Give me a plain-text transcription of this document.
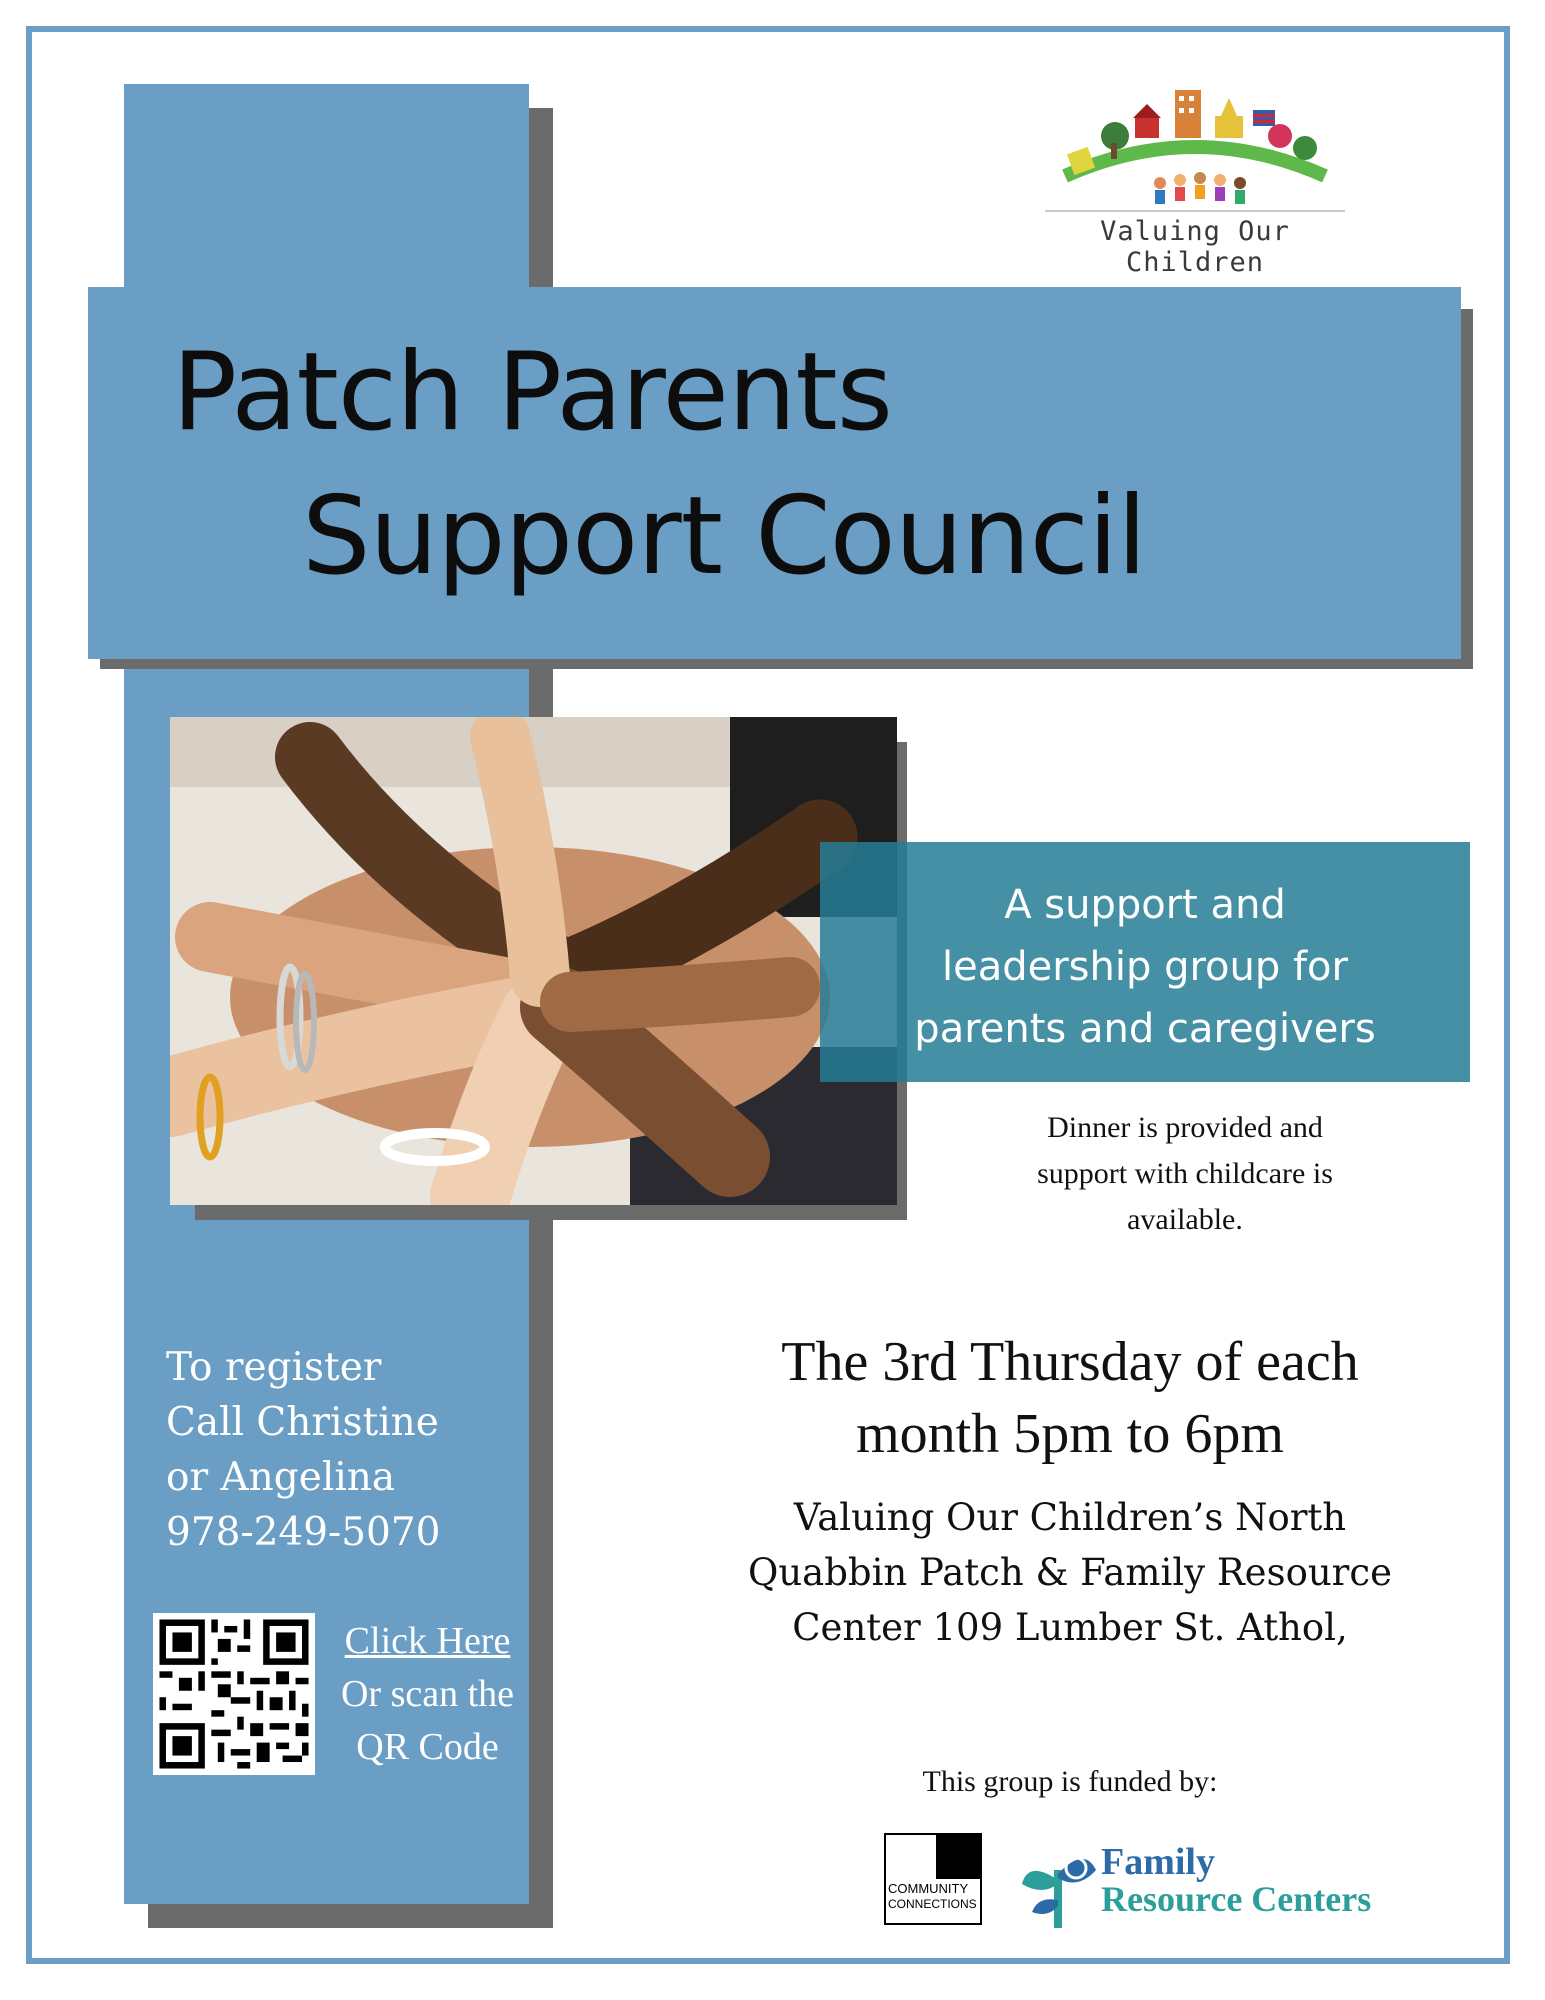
Valuing Our Children
Patch Parents
Support Council
A support and
leadership group for
parents and caregivers
Dinner is provided and
support with childcare is
available.
To register
Call Christine
or Angelina
978-249-5070
Click Here
Or scan the
QR Code
The 3rd Thursday of each
month 5pm to 6pm
Valuing Our Children’s North
Quabbin Patch & Family Resource
Center 109 Lumber St. Athol,
This group is funded by:
COMMUNITY
CONNECTIONS
Family
Resource Centers
